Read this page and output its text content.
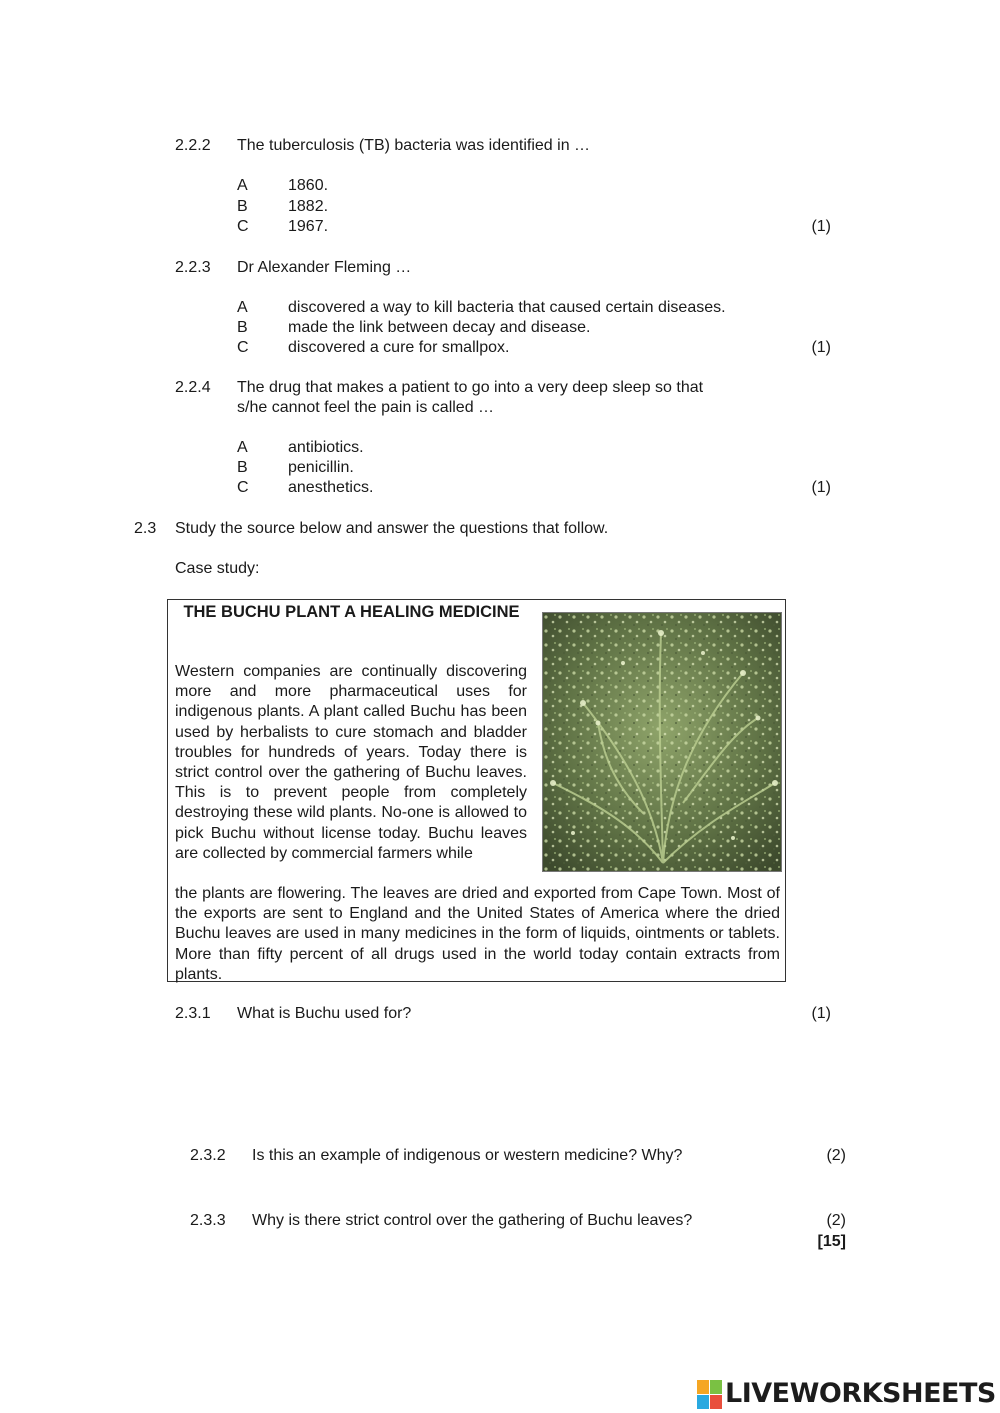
2.2.2 The tuberculosis (TB) bacteria was identified in …
A	1860.
B	1882.
C 1967.	(1)
2.2.3 Dr Alexander Fleming …
A	discovered a way to kill bacteria that caused certain diseases.
B	made the link between decay and disease.
C discovered a cure for smallpox.	(1)
2.2.4 The drug that makes a patient to go into a very deep sleep so that
s/he cannot feel the pain is called …
A	antibiotics.
B	penicillin.
C anesthetics.	(1)
2.3 Study the source below and answer the questions that follow.
Case study:
THE BUCHU PLANT A HEALING MEDICINE
Western companies are continually discovering more and more pharmaceutical uses for indigenous plants. A plant called Buchu has been used by herbalists to cure stomach and bladder troubles for hundreds of years. Today there is strict control over the gathering of Buchu leaves. This is to prevent people from completely destroying these wild plants. No-one is allowed to pick Buchu without license today. Buchu leaves are collected by commercial farmers while
the plants are flowering. The leaves are dried and exported from Cape Town. Most of the exports are sent to England and the United States of America where the dried Buchu leaves are used in many medicines in the form of liquids, ointments or tablets. More than fifty percent of all drugs used in the world today contain extracts from plants.
2.3.1 What is Buchu used for?	(1)
2.3.2 Is this an example of indigenous or western medicine? Why?	(2)
2.3.3 Why is there strict control over the gathering of Buchu leaves?	(2)
[15]
LIVEWORKSHEETS
